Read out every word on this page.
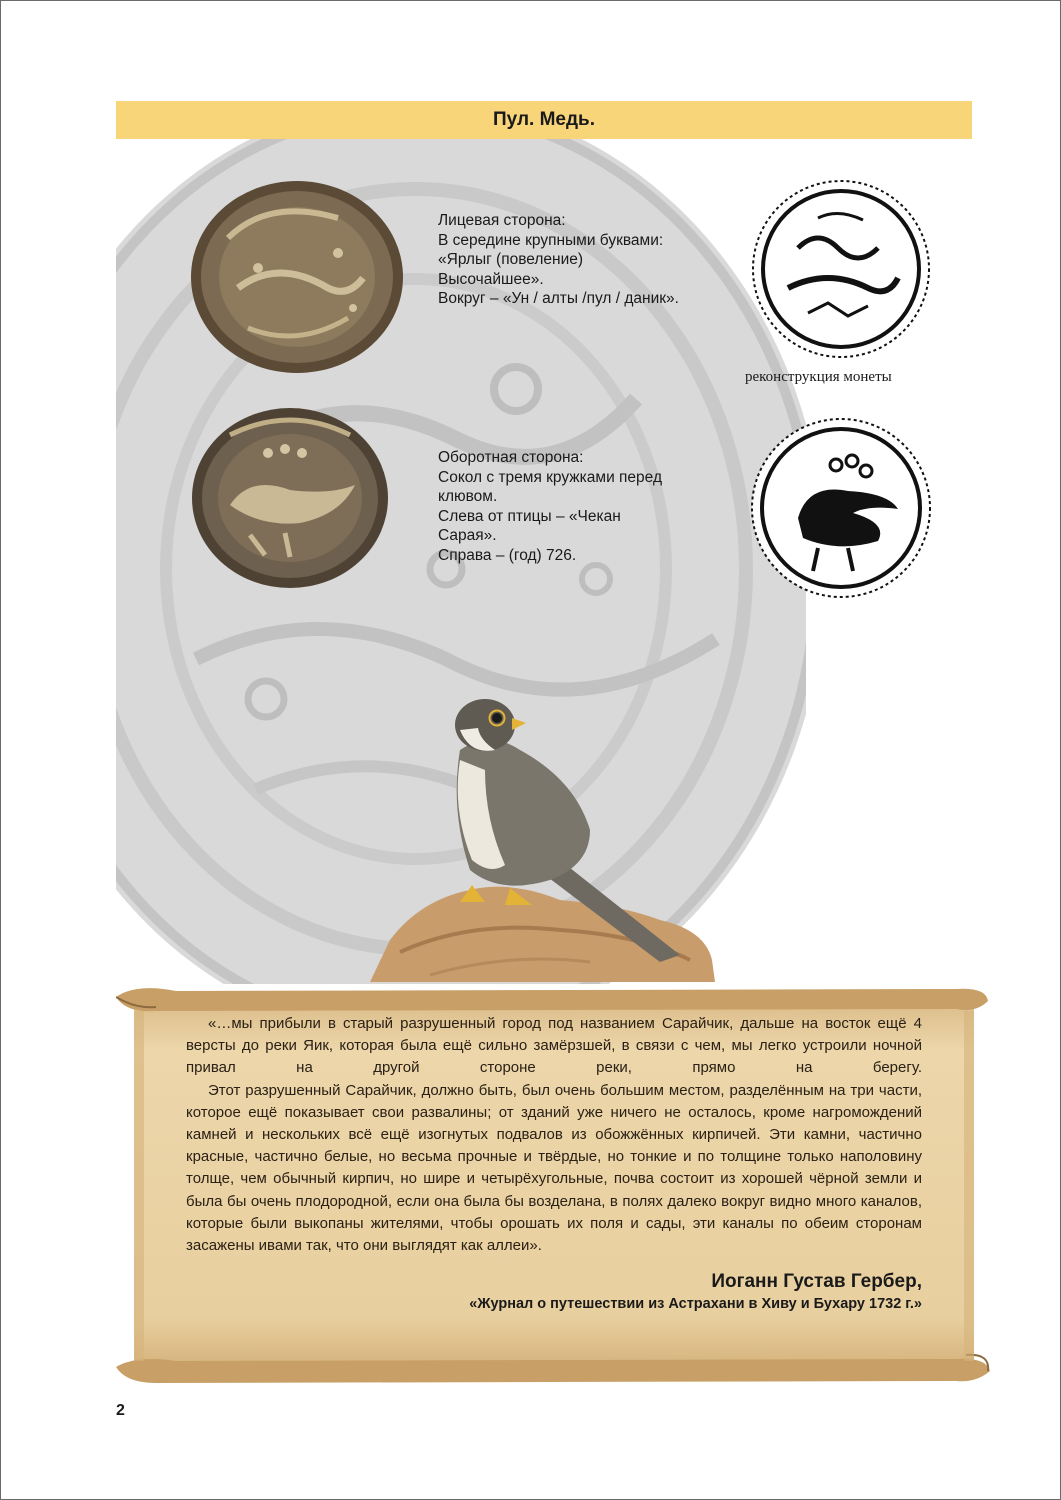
Пул. Медь.
Лицевая сторона:
В середине крупными буквами:
«Ярлыг (повеление)
Высочайшее».
Вокруг – «Ун / алты /пул / даник».
реконструкция монеты
Оборотная сторона:
Сокол с тремя кружками перед
клювом.
Слева от птицы – «Чекан
Сарая».
Справа – (год) 726.

«…мы прибыли в старый разрушенный город под названием Сарайчик, дальше на восток ещё 4 версты до реки Яик, которая была ещё сильно замёрзшей, в связи с чем, мы легко устроили ночной привал на другой стороне реки, прямо на берегу.

Этот разрушенный Сарайчик, должно быть, был очень большим местом, разделённым на три части, которое ещё показывает свои развалины; от зданий уже ничего не осталось, кроме нагромождений камней и нескольких всё ещё изогнутых подвалов из обожжённых кирпичей. Эти камни, частично красные, частично белые, но весьма прочные и твёрдые, но тонкие и по толщине только наполовину толще, чем обычный кирпич, но шире и четырёхугольные, почва состоит из хорошей чёрной земли и была бы очень плодородной, если она была бы возделана, в полях далеко вокруг видно много каналов, которые были выкопаны жителями, чтобы орошать их поля и сады, эти каналы по обеим сторонам засажены ивами так, что они выглядят как аллеи».

Иоганн Густав Гербер,
«Журнал о путешествии из Астрахани в Хиву и Бухару 1732 г.»
2
